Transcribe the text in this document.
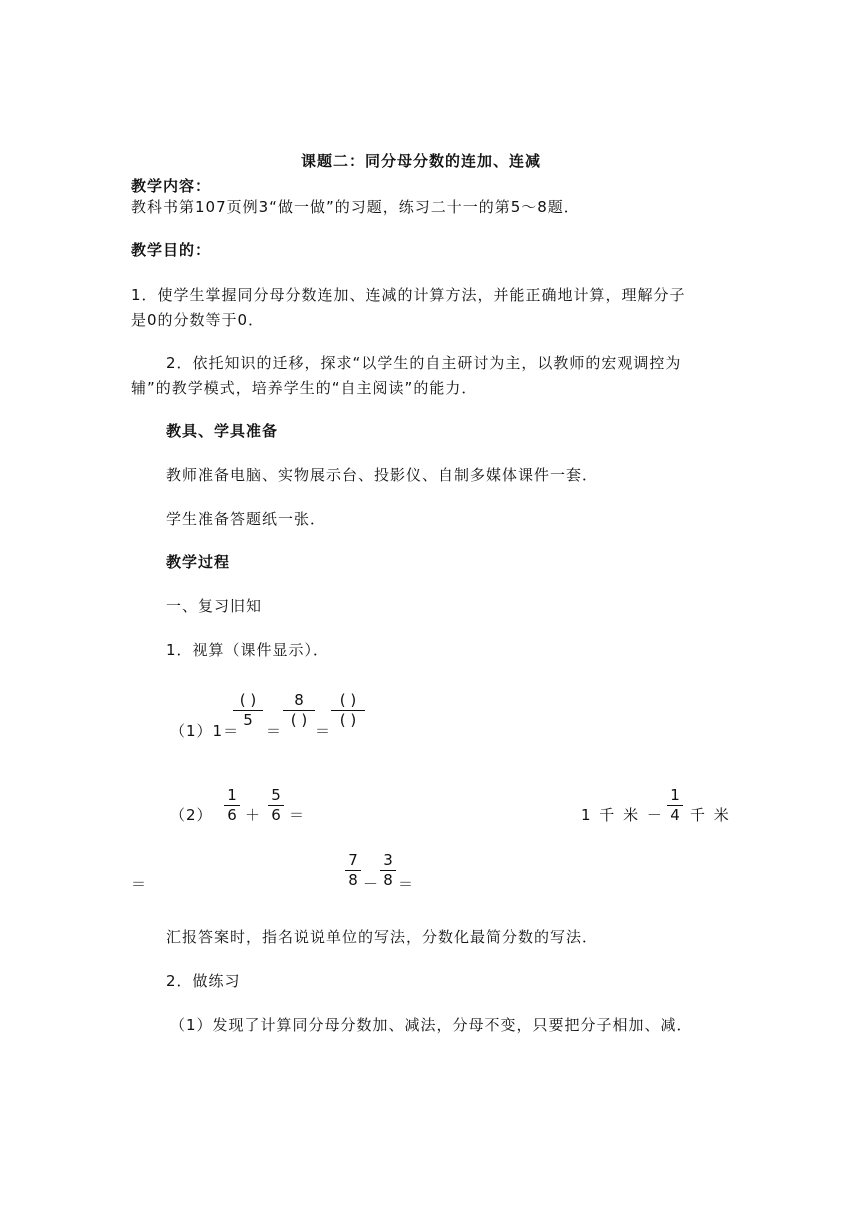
课题二：同分母分数的连加、连减
教学内容：
教科书第107页例3“做一做”的习题，练习二十一的第5～8题．
教学目的：
1．使学生掌握同分母分数连加、连减的计算方法，并能正确地计算，理解分子
是0的分数等于0．
2．依托知识的迁移，探求“以学生的自主研讨为主，以教师的宏观调控为
辅”的教学模式，培养学生的“自主阅读”的能力．
教具、学具准备
教师准备电脑、实物展示台、投影仪、自制多媒体课件一套．
学生准备答题纸一张．
教学过程
一、复习旧知
1．视算（课件显示）．
（1）1＝
( )
5
＝
8
( )
＝
( )
( )
（2）
1
6 ＋
5
6 ＝	1 千 米 －
1
4 千 米
＝
7
8 －
3
8 ＝
汇报答案时，指名说说单位的写法，分数化最简分数的写法．
2．做练习
（1）发现了计算同分母分数加、减法，分母不变，只要把分子相加、减．
